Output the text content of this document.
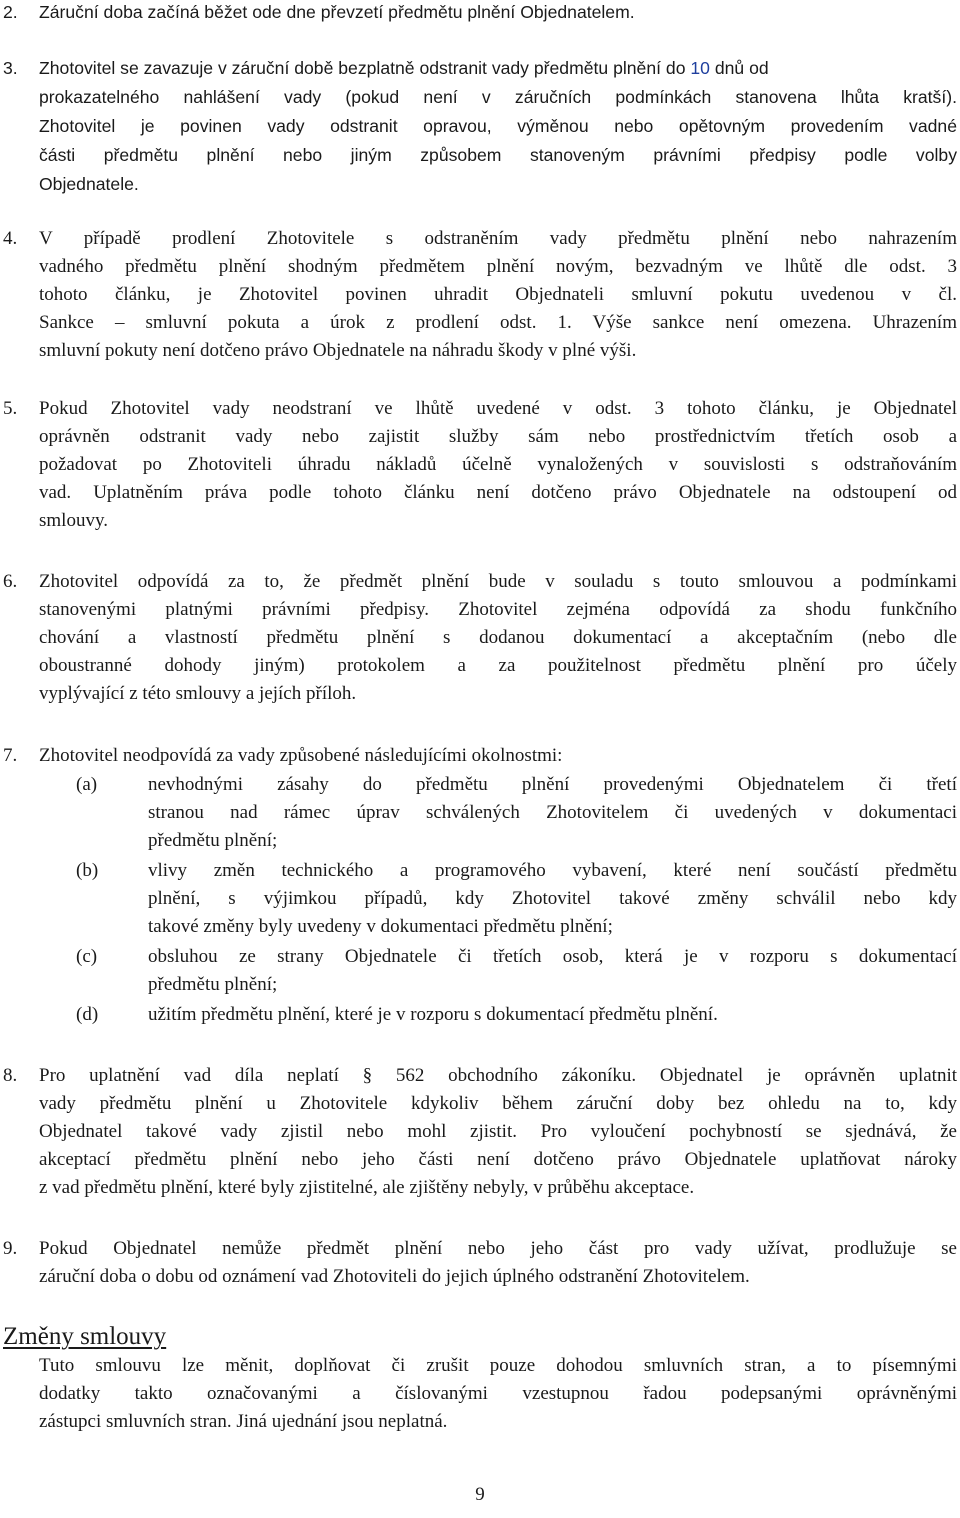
2. Záruční doba začíná běžet ode dne převzetí předmětu plnění Objednatelem.
3. Zhotovitel se zavazuje v záruční době bezplatně odstranit vady předmětu plnění do 10 dnů od
prokazatelného nahlášení vady (pokud není v záručních podmínkách stanovena lhůta kratší).
Zhotovitel je povinen vady odstranit opravou, výměnou nebo opětovným provedením vadné
části předmětu plnění nebo jiným způsobem stanoveným právními předpisy podle volby
Objednatele.
4. V případě prodlení Zhotovitele s odstraněním vady předmětu plnění nebo nahrazením
vadného předmětu plnění shodným předmětem plnění novým, bezvadným ve lhůtě dle odst. 3
tohoto článku, je Zhotovitel povinen uhradit Objednateli smluvní pokutu uvedenou v čl.
Sankce – smluvní pokuta a úrok z prodlení odst. 1. Výše sankce není omezena. Uhrazením
smluvní pokuty není dotčeno právo Objednatele na náhradu škody v plné výši.
5. Pokud Zhotovitel vady neodstraní ve lhůtě uvedené v odst. 3 tohoto článku, je Objednatel
oprávněn odstranit vady nebo zajistit služby sám nebo prostřednictvím třetích osob a
požadovat po Zhotoviteli úhradu nákladů účelně vynaložených v souvislosti s odstraňováním
vad. Uplatněním práva podle tohoto článku není dotčeno právo Objednatele na odstoupení od
smlouvy.
6. Zhotovitel odpovídá za to, že předmět plnění bude v souladu s touto smlouvou a podmínkami
stanovenými platnými právními předpisy. Zhotovitel zejména odpovídá za shodu funkčního
chování a vlastností předmětu plnění s dodanou dokumentací a akceptačním (nebo dle
oboustranné dohody jiným) protokolem a za použitelnost předmětu plnění pro účely
vyplývající z této smlouvy a jejích příloh.
7. Zhotovitel neodpovídá za vady způsobené následujícími okolnostmi:
(a)	nevhodnými zásahy do předmětu plnění provedenými Objednatelem či třetí
stranou nad rámec úprav schválených Zhotovitelem či uvedených v dokumentaci
předmětu plnění;
(b)	vlivy změn technického a programového vybavení, které není součástí předmětu
plnění, s výjimkou případů, kdy Zhotovitel takové změny schválil nebo kdy
takové změny byly uvedeny v dokumentaci předmětu plnění;
(c)	obsluhou ze strany Objednatele či třetích osob, která je v rozporu s dokumentací
předmětu plnění;
(d)	užitím předmětu plnění, které je v rozporu s dokumentací předmětu plnění.
8. Pro uplatnění vad díla neplatí § 562 obchodního zákoníku. Objednatel je oprávněn uplatnit
vady předmětu plnění u Zhotovitele kdykoliv během záruční doby bez ohledu na to, kdy
Objednatel takové vady zjistil nebo mohl zjistit. Pro vyloučení pochybností se sjednává, že
akceptací předmětu plnění nebo jeho části není dotčeno právo Objednatele uplatňovat nároky
z vad předmětu plnění, které byly zjistitelné, ale zjištěny nebyly, v průběhu akceptace.
9. Pokud Objednatel nemůže předmět plnění nebo jeho část pro vady užívat, prodlužuje se
záruční doba o dobu od oznámení vad Zhotoviteli do jejich úplného odstranění Zhotovitelem.
Změny smlouvy
Tuto smlouvu lze měnit, doplňovat či zrušit pouze dohodou smluvních stran, a to písemnými
dodatky takto označovanými a číslovanými vzestupnou řadou podepsanými oprávněnými
zástupci smluvních stran. Jiná ujednání jsou neplatná.
9
